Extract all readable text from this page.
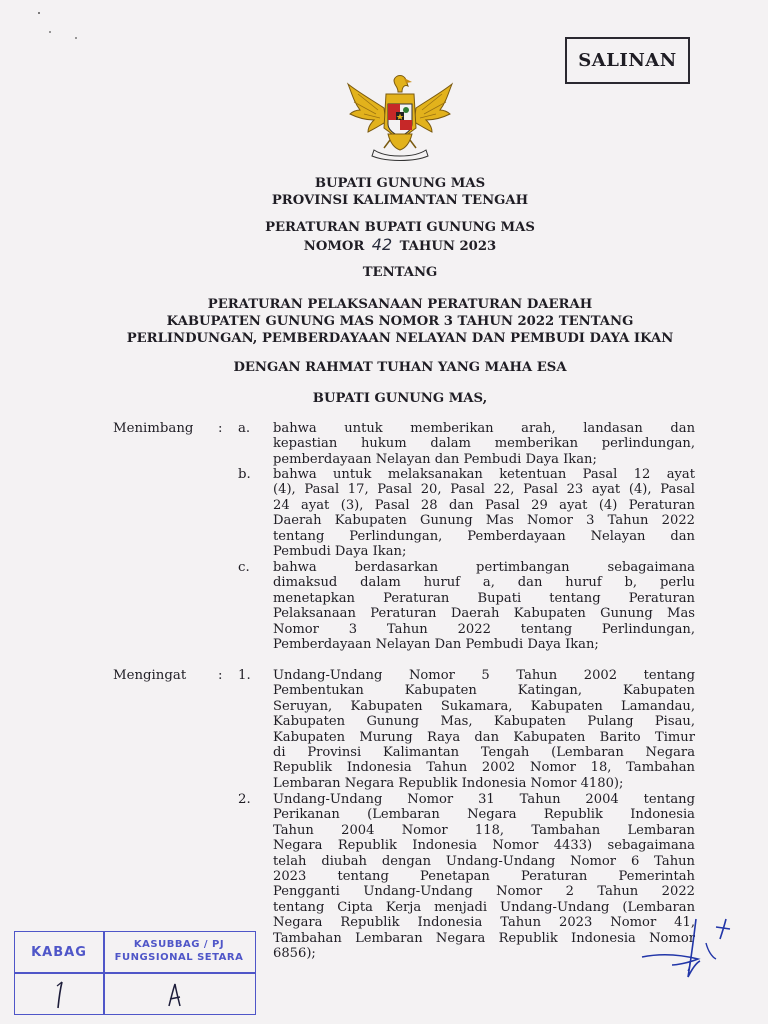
SALINAN
BUPATI GUNUNG MAS
PROVINSI KALIMANTAN TENGAH
PERATURAN BUPATI GUNUNG MAS
NOMOR 42 TAHUN 2023
TENTANG
PERATURAN PELAKSANAAN PERATURAN DAERAH
KABUPATEN GUNUNG MAS NOMOR 3 TAHUN 2022 TENTANG
PERLINDUNGAN, PEMBERDAYAAN NELAYAN DAN PEMBUDI DAYA IKAN
DENGAN RAHMAT TUHAN YANG MAHA ESA
BUPATI GUNUNG MAS,
Menimbang : a. bahwa untuk memberikan arah, landasan dan
kepastian hukum dalam memberikan perlindungan,
pemberdayaan Nelayan dan Pembudi Daya Ikan;
b. bahwa untuk melaksanakan ketentuan Pasal 12 ayat
(4), Pasal 17, Pasal 20, Pasal 22, Pasal 23 ayat (4), Pasal
24 ayat (3), Pasal 28 dan Pasal 29 ayat (4) Peraturan
Daerah Kabupaten Gunung Mas Nomor 3 Tahun 2022
tentang Perlindungan, Pemberdayaan Nelayan dan
Pembudi Daya Ikan;
c. bahwa berdasarkan pertimbangan sebagaimana
dimaksud dalam huruf a, dan huruf b, perlu
menetapkan Peraturan Bupati tentang Peraturan
Pelaksanaan Peraturan Daerah Kabupaten Gunung Mas
Nomor 3 Tahun 2022 tentang Perlindungan,
Pemberdayaan Nelayan Dan Pembudi Daya Ikan;
Mengingat : 1. Undang-Undang Nomor 5 Tahun 2002 tentang
Pembentukan Kabupaten Katingan, Kabupaten
Seruyan, Kabupaten Sukamara, Kabupaten Lamandau,
Kabupaten Gunung Mas, Kabupaten Pulang Pisau,
Kabupaten Murung Raya dan Kabupaten Barito Timur
di Provinsi Kalimantan Tengah (Lembaran Negara
Republik Indonesia Tahun 2002 Nomor 18, Tambahan
Lembaran Negara Republik Indonesia Nomor 4180);
2. Undang-Undang Nomor 31 Tahun 2004 tentang
Perikanan (Lembaran Negara Republik Indonesia
Tahun 2004 Nomor 118, Tambahan Lembaran
Negara Republik Indonesia Nomor 4433) sebagaimana
telah diubah dengan Undang-Undang Nomor 6 Tahun
2023 tentang Penetapan Peraturan Pemerintah
Pengganti Undang-Undang Nomor 2 Tahun 2022
tentang Cipta Kerja menjadi Undang-Undang (Lembaran
Negara Republik Indonesia Tahun 2023 Nomor 41,
Tambahan Lembaran Negara Republik Indonesia Nomor
6856);
KABAG
KASUBBAG / PJ
FUNGSIONAL SETARA
